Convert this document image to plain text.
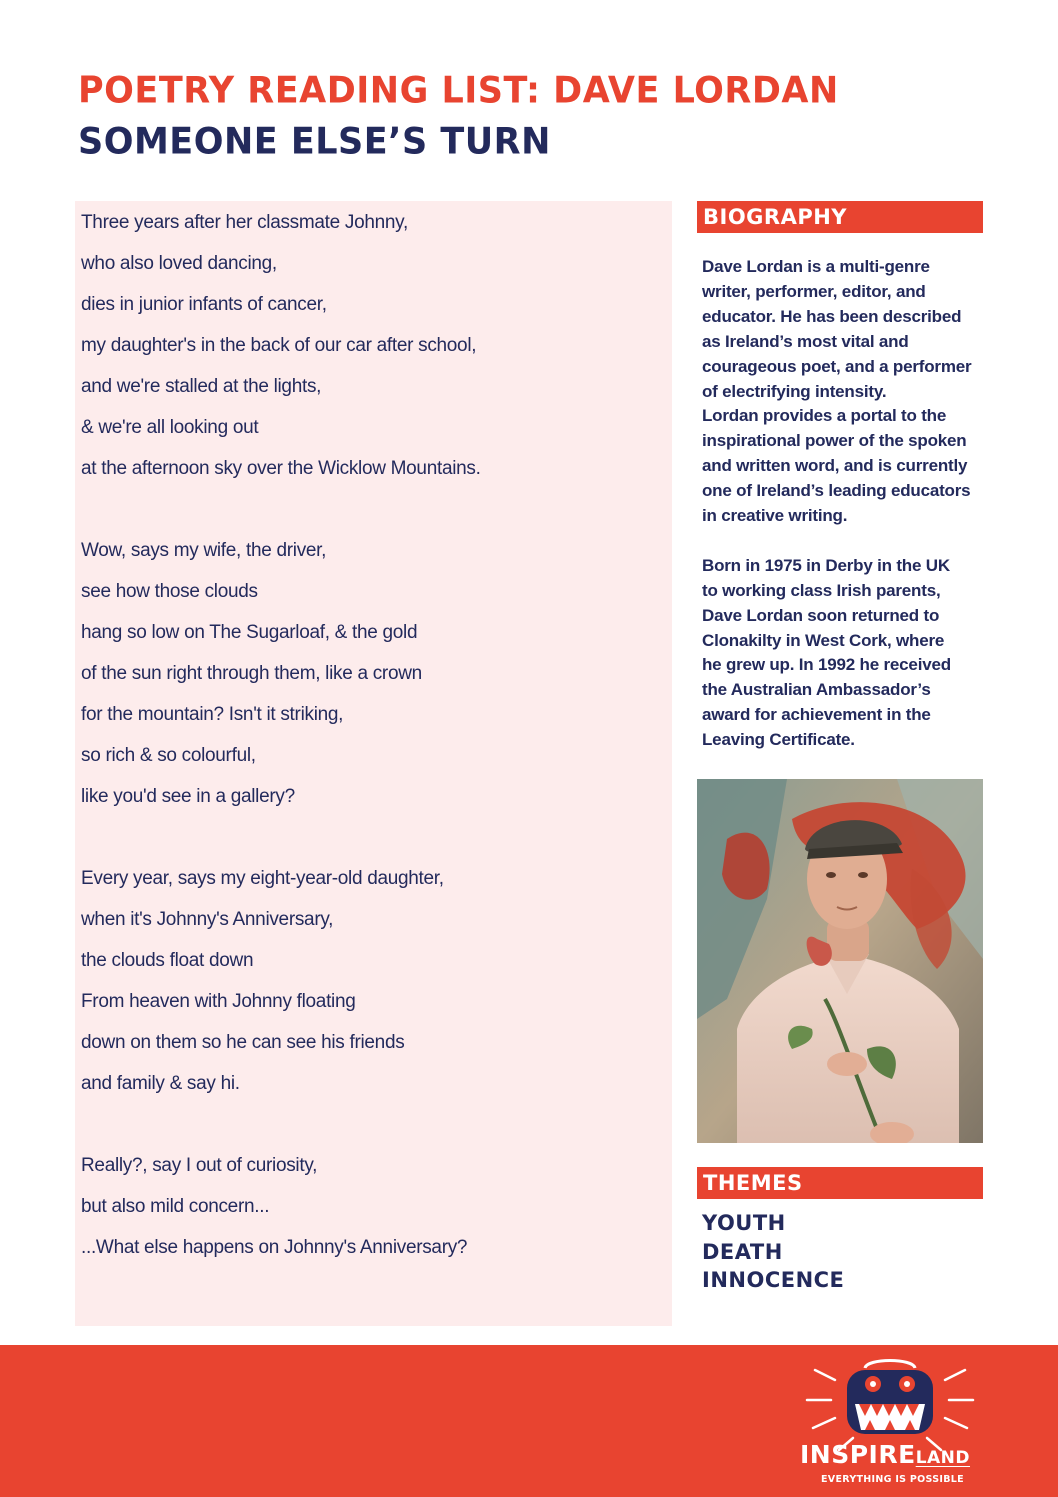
POETRY READING LIST: DAVE LORDAN
SOMEONE ELSE’S TURN
Three years after her classmate Johnny,
who also loved dancing,
dies in junior infants of cancer,
my daughter's in the back of our car after school,
and we're stalled at the lights,
& we're all looking out
at the afternoon sky over the Wicklow Mountains.
Wow, says my wife, the driver,
see how those clouds
hang so low on The Sugarloaf, & the gold
of the sun right through them, like a crown
for the mountain? Isn't it striking,
so rich & so colourful,
like you'd see in a gallery?
Every year, says my eight-year-old daughter,
when it's Johnny's Anniversary,
the clouds float down
From heaven with Johnny floating
down on them so he can see his friends
and family & say hi.
Really?, say I out of curiosity,
but also mild concern...
...What else happens on Johnny's Anniversary?
BIOGRAPHY

Dave Lordan is a multi-genre
writer, performer, editor, and
educator. He has been described
as Ireland’s most vital and
courageous poet, and a performer
of electrifying intensity.
Lordan provides a portal to the
inspirational power of the spoken
and written word, and is currently
one of Ireland’s leading educators
in creative writing.

Born in 1975 in Derby in the UK
to working class Irish parents,
Dave Lordan soon returned to
Clonakilty in West Cork, where
he grew up. In 1992 he received
the Australian Ambassador’s
award for achievement in the
Leaving Certificate.

THEMES
YOUTH
DEATH
INNOCENCE
INSPIRELAND
EVERYTHING IS POSSIBLE
